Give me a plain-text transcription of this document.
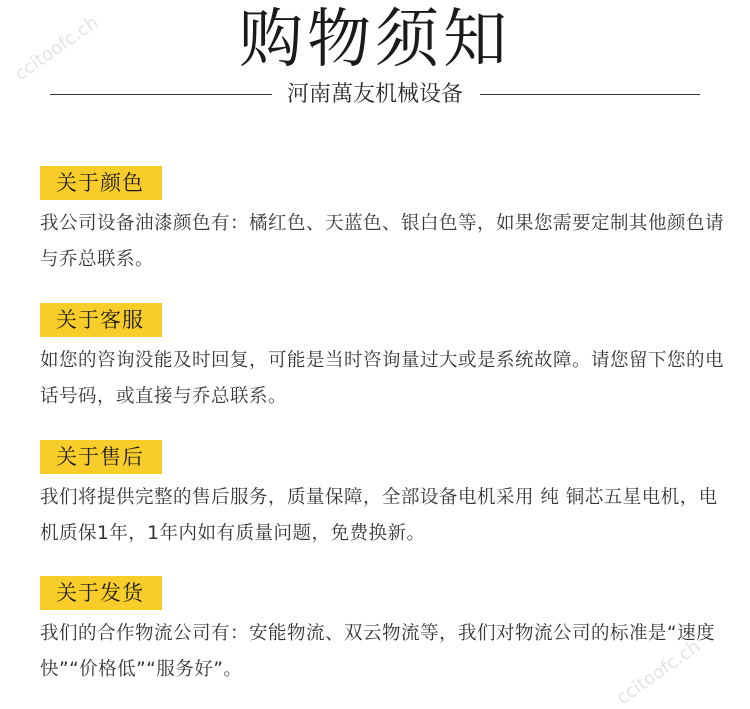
ccitoofc.ch
ccitoofc.ch
购物须知
河南萬友机械设备
关于颜色

我公司设备油漆颜色有：橘红色、天蓝色、银白色等，如果您需要定制其他颜色请与乔总联系。

关于客服

如您的咨询没能及时回复，可能是当时咨询量过大或是系统故障。请您留下您的电话号码，或直接与乔总联系。

关于售后

我们将提供完整的售后服务，质量保障，全部设备电机采用 纯 铜芯五星电机，电机质保1年，1年内如有质量问题，免费换新。

关于发货

我们的合作物流公司有：安能物流、双云物流等，我们对物流公司的标准是“速度快”“价格低”“服务好”。
